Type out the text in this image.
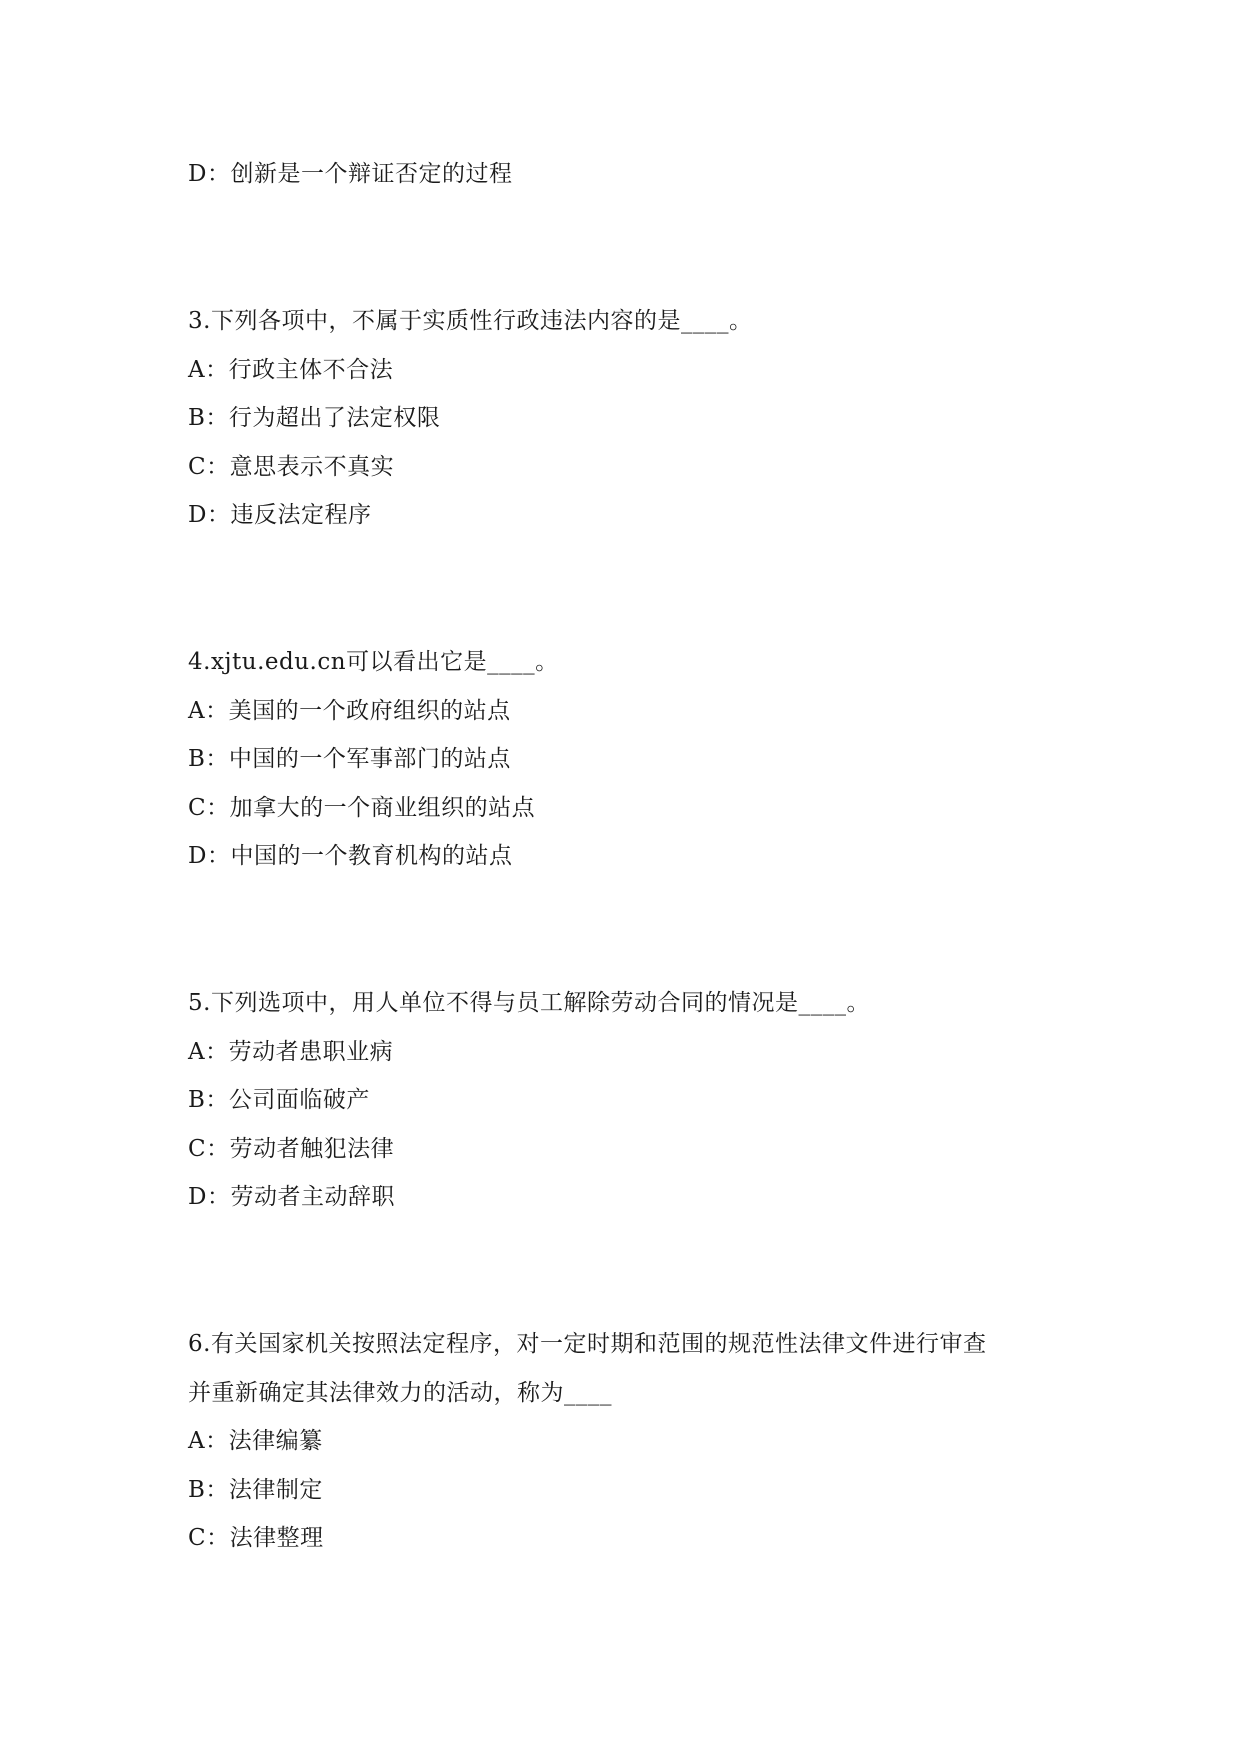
D：创新是一个辩证否定的过程
3.下列各项中，不属于实质性行政违法内容的是____。
A：行政主体不合法
B：行为超出了法定权限
C：意思表示不真实
D：违反法定程序
4.xjtu.edu.cn可以看出它是____。
A：美国的一个政府组织的站点
B：中国的一个军事部门的站点
C：加拿大的一个商业组织的站点
D：中国的一个教育机构的站点
5.下列选项中，用人单位不得与员工解除劳动合同的情况是____。
A：劳动者患职业病
B：公司面临破产
C：劳动者触犯法律
D：劳动者主动辞职
6.有关国家机关按照法定程序，对一定时期和范围的规范性法律文件进行审查
并重新确定其法律效力的活动，称为____
A：法律编纂
B：法律制定
C：法律整理
